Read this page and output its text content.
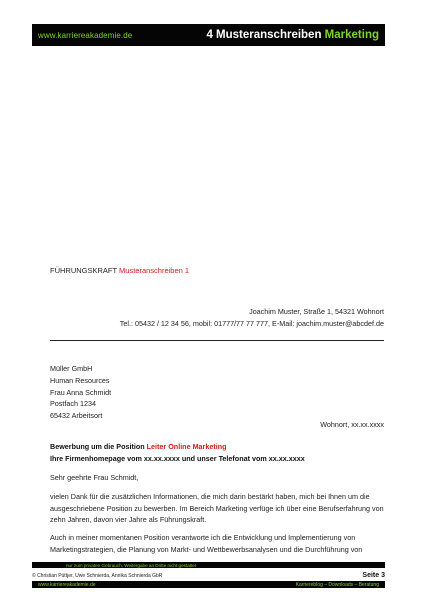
www.karriereakademie.de	4 Musteranschreiben Marketing
FÜHRUNGSKRAFT Musteranschreiben 1
Joachim Muster, Straße 1, 54321 Wohnort
Tel.: 05432 / 12 34 56, mobil: 01777/77 77 777, E-Mail: joachim.muster@abcdef.de
Müller GmbH
Human Resources
Frau Anna Schmidt
Postfach 1234
65432 Arbeitsort
Wohnort, xx.xx.xxxx
Bewerbung um die Position Leiter Online Marketing
Ihre Firmenhomepage vom xx.xx.xxxx und unser Telefonat vom xx.xx.xxxx
Sehr geehrte Frau Schmidt,
vielen Dank für die zusätzlichen Informationen, die mich darin bestärkt haben, mich bei Ihnen um die ausgeschriebene Position zu bewerben. Im Bereich Marketing verfüge ich über eine Berufserfahrung von zehn Jahren, davon vier Jahre als Führungskraft.
Auch in meiner momentanen Position verantworte ich die Entwicklung und Implementierung von Marketingstrategien, die Planung von Markt- und Wettbewerbsanalysen und die Durchführung von
nur zum privaten Gebrauch, Weitergabe an Dritte nicht gestattet
© Christian Püttjer, Uwe Schnierda, Annika Schnierda GbR	Seite 3
www.karriereakademie.de	Karriereblog – Downloads – Beratung
